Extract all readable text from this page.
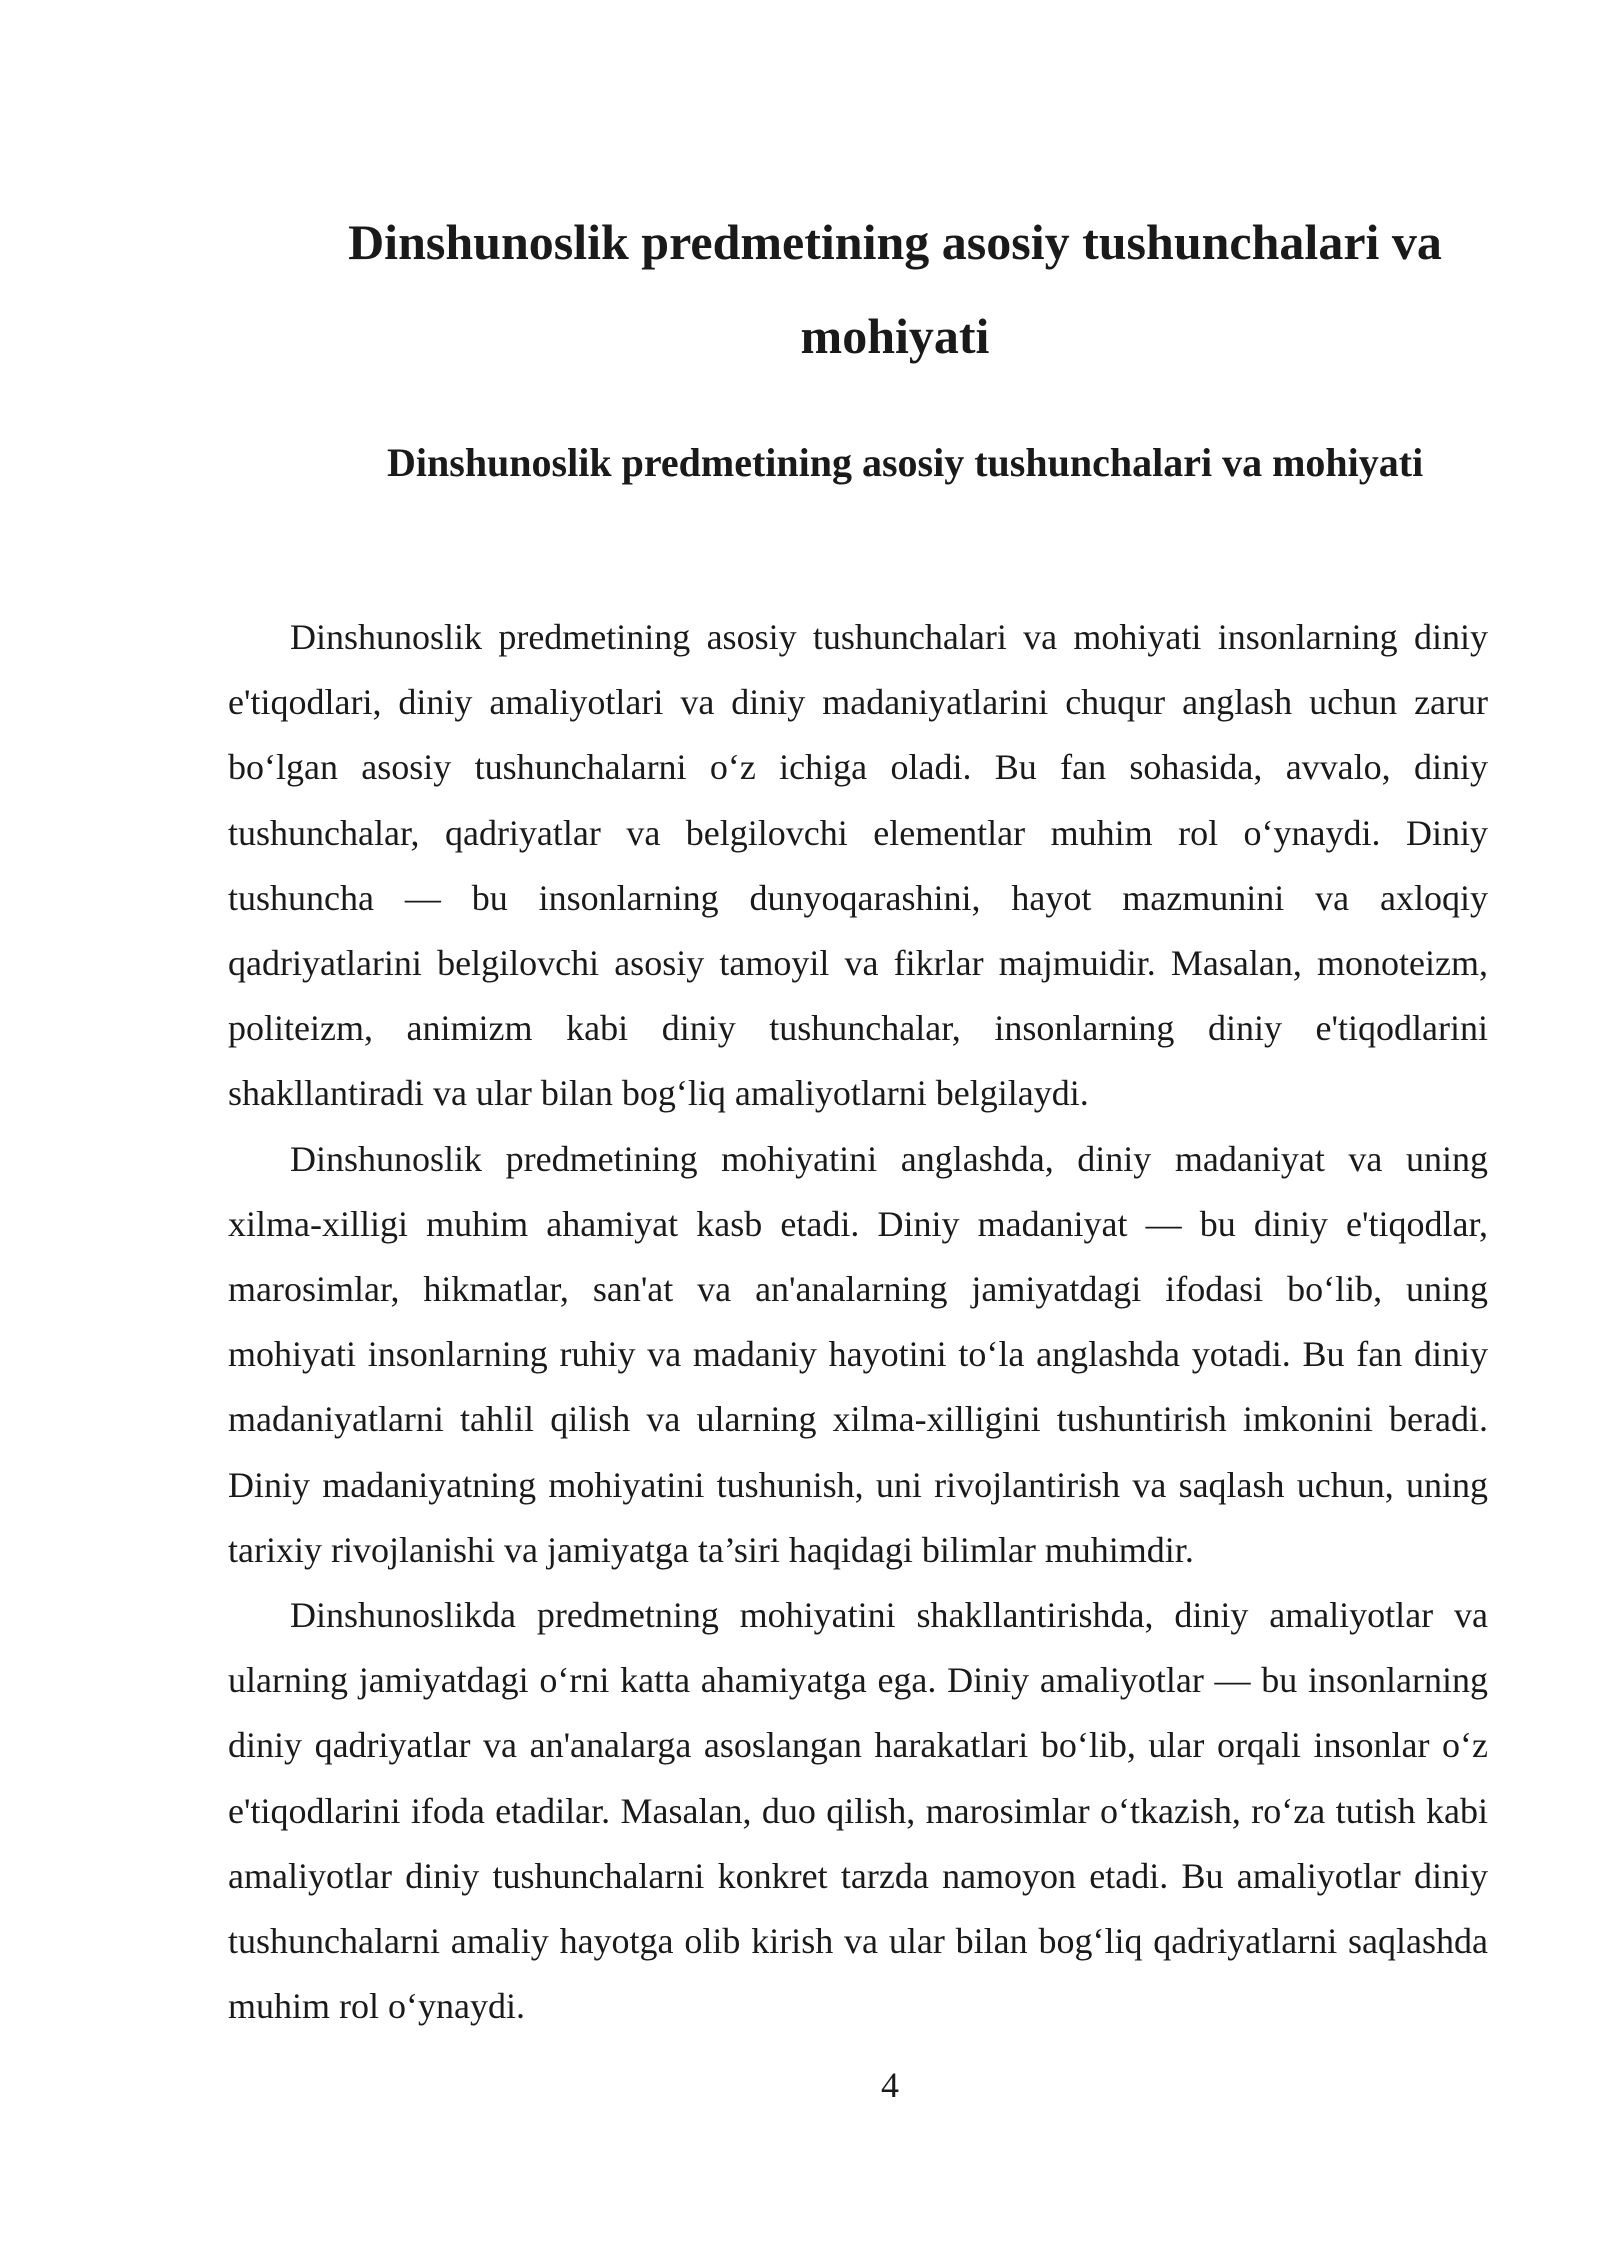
Dinshunoslik predmetining asosiy tushunchalari va mohiyati
Dinshunoslik predmetining asosiy tushunchalari va mohiyati

Dinshunoslik predmetining asosiy tushunchalari va mohiyati insonlarning diniy e'tiqodlari, diniy amaliyotlari va diniy madaniyatlarini chuqur anglash uchun zarur bo‘lgan asosiy tushunchalarni o‘z ichiga oladi. Bu fan sohasida, avvalo, diniy tushunchalar, qadriyatlar va belgilovchi elementlar muhim rol o‘ynaydi. Diniy tushuncha — bu insonlarning dunyoqarashini, hayot mazmunini va axloqiy qadriyatlarini belgilovchi asosiy tamoyil va fikrlar majmuidir. Masalan, monoteizm, politeizm, animizm kabi diniy tushunchalar, insonlarning diniy e'tiqodlarini shakllantiradi va ular bilan bog‘liq amaliyotlarni belgilaydi.

Dinshunoslik predmetining mohiyatini anglashda, diniy madaniyat va uning xilma-xilligi muhim ahamiyat kasb etadi. Diniy madaniyat — bu diniy e'tiqodlar, marosimlar, hikmatlar, san'at va an'analarning jamiyatdagi ifodasi bo‘lib, uning mohiyati insonlarning ruhiy va madaniy hayotini to‘la anglashda yotadi. Bu fan diniy madaniyatlarni tahlil qilish va ularning xilma-xilligini tushuntirish imkonini beradi. Diniy madaniyatning mohiyatini tushunish, uni rivojlantirish va saqlash uchun, uning tarixiy rivojlanishi va jamiyatga ta’siri haqidagi bilimlar muhimdir.

Dinshunoslikda predmetning mohiyatini shakllantirishda, diniy amaliyotlar va ularning jamiyatdagi o‘rni katta ahamiyatga ega. Diniy amaliyotlar — bu insonlarning diniy qadriyatlar va an'analarga asoslangan harakatlari bo‘lib, ular orqali insonlar o‘z e'tiqodlarini ifoda etadilar. Masalan, duo qilish, marosimlar o‘tkazish, ro‘za tutish kabi amaliyotlar diniy tushunchalarni konkret tarzda namoyon etadi. Bu amaliyotlar diniy tushunchalarni amaliy hayotga olib kirish va ular bilan bog‘liq qadriyatlarni saqlashda muhim rol o‘ynaydi.

4
